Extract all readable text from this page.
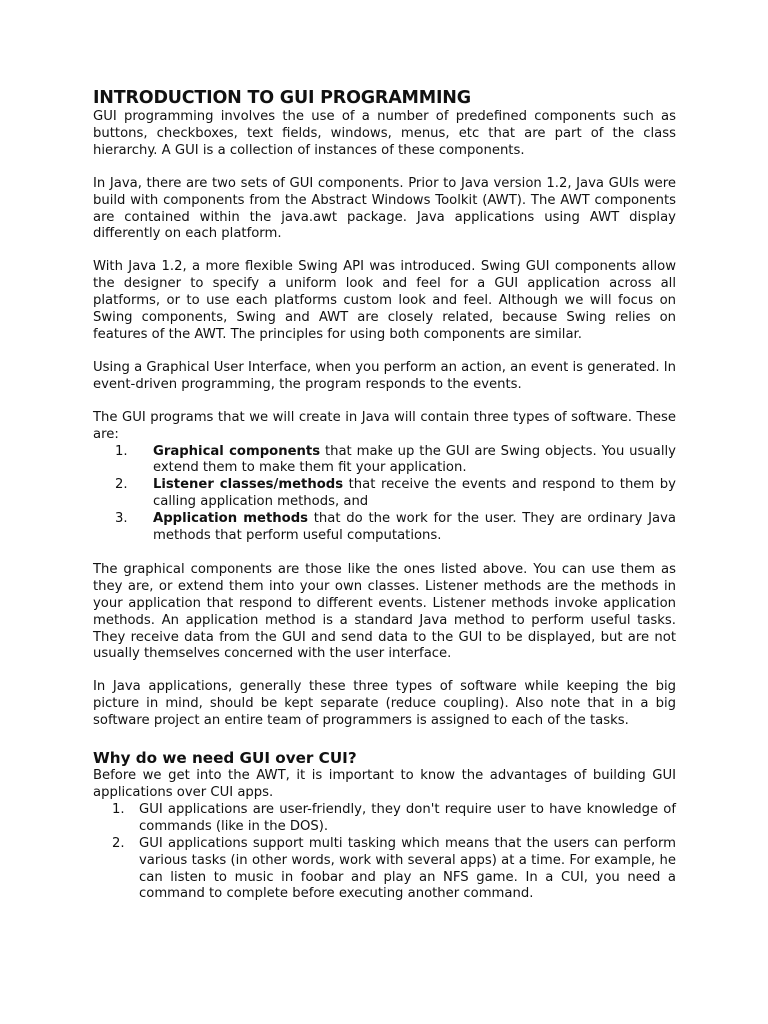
INTRODUCTION TO GUI PROGRAMMING

GUI programming involves the use of a number of predefined components such as buttons, checkboxes, text fields, windows, menus, etc that are part of the class hierarchy. A GUI is a collection of instances of these components.

In Java, there are two sets of GUI components. Prior to Java version 1.2, Java GUIs were build with components from the Abstract Windows Toolkit (AWT). The AWT components are contained within the java.awt package. Java applications using AWT display differently on each platform.

With Java 1.2, a more flexible Swing API was introduced. Swing GUI components allow the designer to specify a uniform look and feel for a GUI application across all platforms, or to use each platforms custom look and feel. Although we will focus on Swing components, Swing and AWT are closely related, because Swing relies on features of the AWT. The principles for using both components are similar.

Using a Graphical User Interface, when you perform an action, an event is generated. In event-driven programming, the program responds to the events.

The GUI programs that we will create in Java will contain three types of software. These are:

1.	Graphical components that make up the GUI are Swing objects. You usually extend them to make them fit your application.
2.	Listener classes/methods that receive the events and respond to them by calling application methods, and
3.	Application methods that do the work for the user. They are ordinary Java methods that perform useful computations.

The graphical components are those like the ones listed above. You can use them as they are, or extend them into your own classes. Listener methods are the methods in your application that respond to different events. Listener methods invoke application methods. An application method is a standard Java method to perform useful tasks. They receive data from the GUI and send data to the GUI to be displayed, but are not usually themselves concerned with the user interface.

In Java applications, generally these three types of software while keeping the big picture in mind, should be kept separate (reduce coupling). Also note that in a big software project an entire team of programmers is assigned to each of the tasks.

Why do we need GUI over CUI?

Before we get into the AWT, it is important to know the advantages of building GUI applications over CUI apps.

1.	GUI applications are user-friendly, they don't require user to have knowledge of commands (like in the DOS).
2.	GUI applications support multi tasking which means that the users can perform various tasks (in other words, work with several apps) at a time. For example, he can listen to music in foobar and play an NFS game. In a CUI, you need a command to complete before executing another command.
